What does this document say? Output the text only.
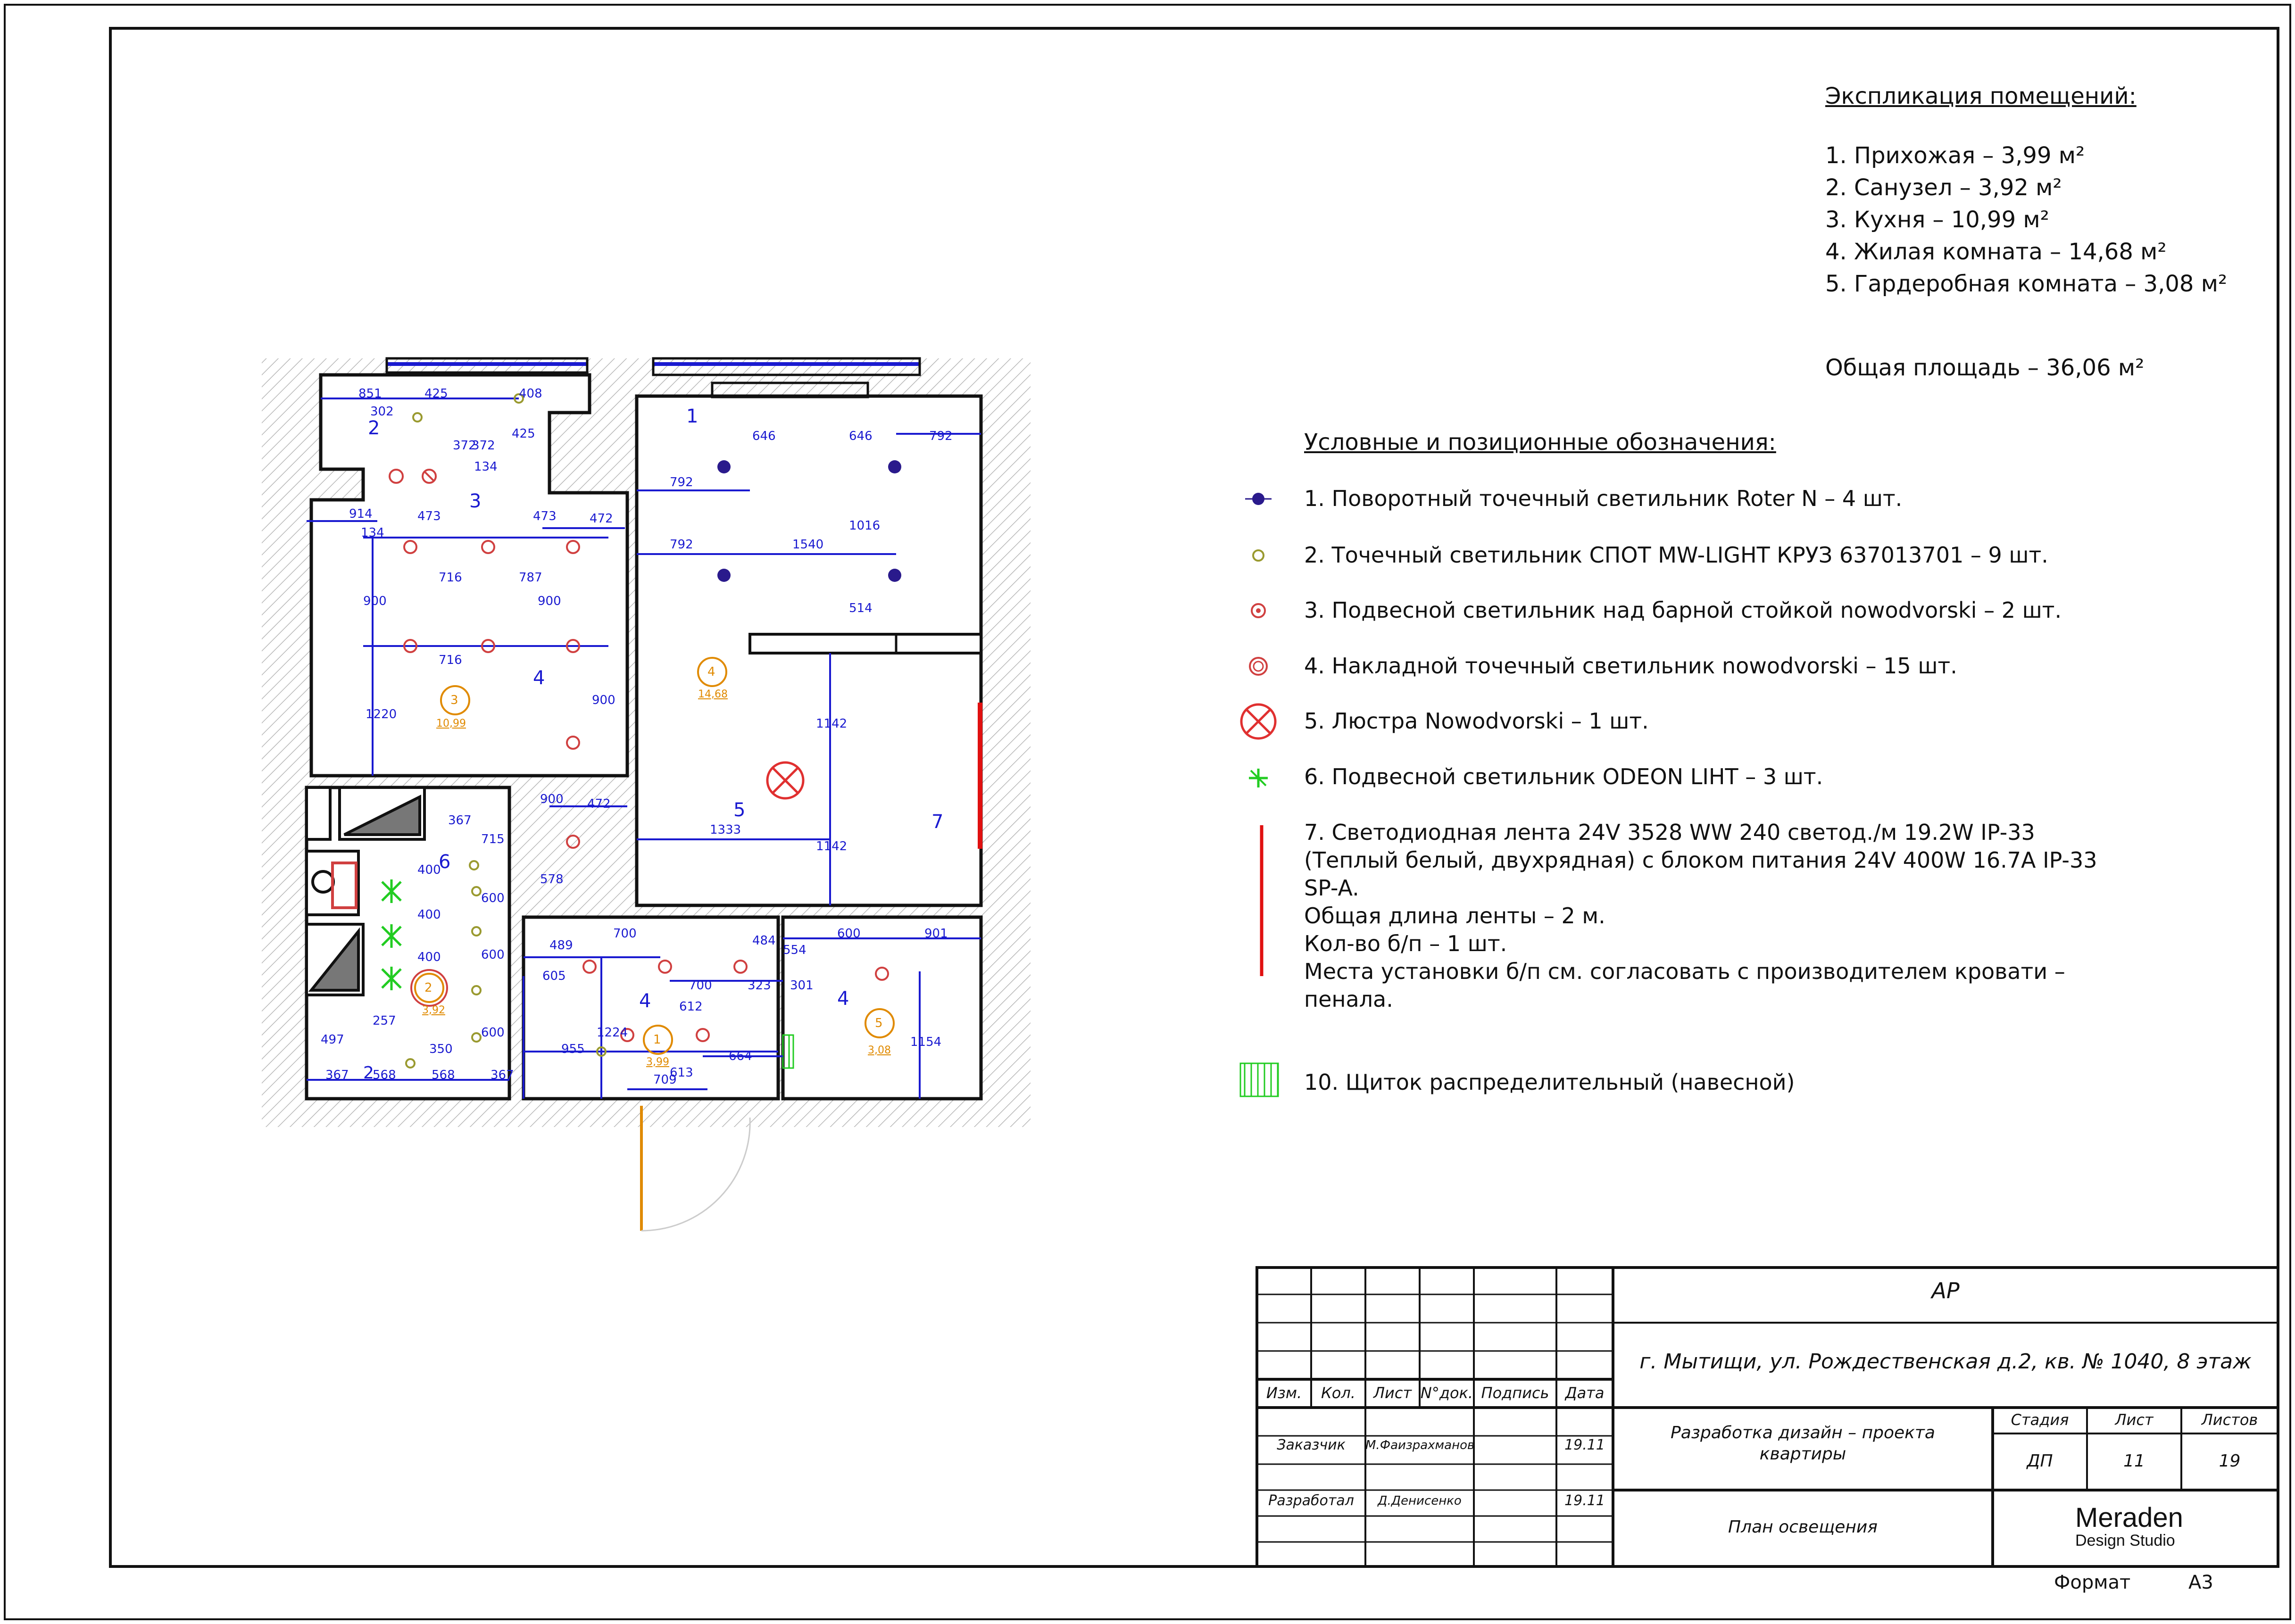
Экспликация помещений:
1. Прихожая – 3,99 м²
2. Санузел – 3,92 м²
3. Кухня – 10,99 м²
4. Жилая комната – 14,68 м²
5. Гардеробная комната – 3,08 м²
Общая площадь – 36,06 м²
Условные и позиционные обозначения:
1. Поворотный точечный светильник Roter N – 4 шт.
2. Точечный светильник СПОТ MW-LIGHT КРУЗ 637013701 – 9 шт.
3. Подвесной светильник над барной стойкой nowodvorski – 2 шт.
4. Накладной точечный светильник nowodvorski – 15 шт.
5. Люстра Nowodvorski – 1 шт.
6. Подвесной светильник ODEON LIHT – 3 шт.
7. Светодиодная лента 24V 3528 WW 240 светод./м 19.2W IP-33
(Теплый белый, двухрядная) с блоком питания 24V 400W 16.7A IP-33
SP-A.
Общая длина ленты – 2 м.
Кол-во б/п – 1 шт.
Места установки б/п см. согласовать с производителем кровати –
пенала.
10. Щиток распределительный (навесной)
3
10,99
4
14,68
2
3,92
1
3,99
5
3,08
851	425	408
302
372
372
134
425
914
134
473	473	472
716	787
900	900
716
1220
900
900 472
578
367
715
400
400
400
600
600
600
489
605
700	484
554
600	901
612
700	323 301
497
257
350
1224
955
613
664
709
1154
367 568	568	367
792
646	646	792
792	1540
1016
514
1142
1142
1333
1
2
3
4
4	4
5
6
7
2
АР
г. Мытищи, ул. Рождественская д.2, кв. № 1040, 8 этаж
Изм.	Кол.	Лист N°док. Подпись	Дата
Заказчик	М.Фаизрахманов	19.11
Разработал	Д.Денисенко	19.11
Разработка дизайн – проекта
квартиры
Стадия	Лист	Листов
ДП	11	19
План освещения	Meraden
Design Studio
Формат	А3
